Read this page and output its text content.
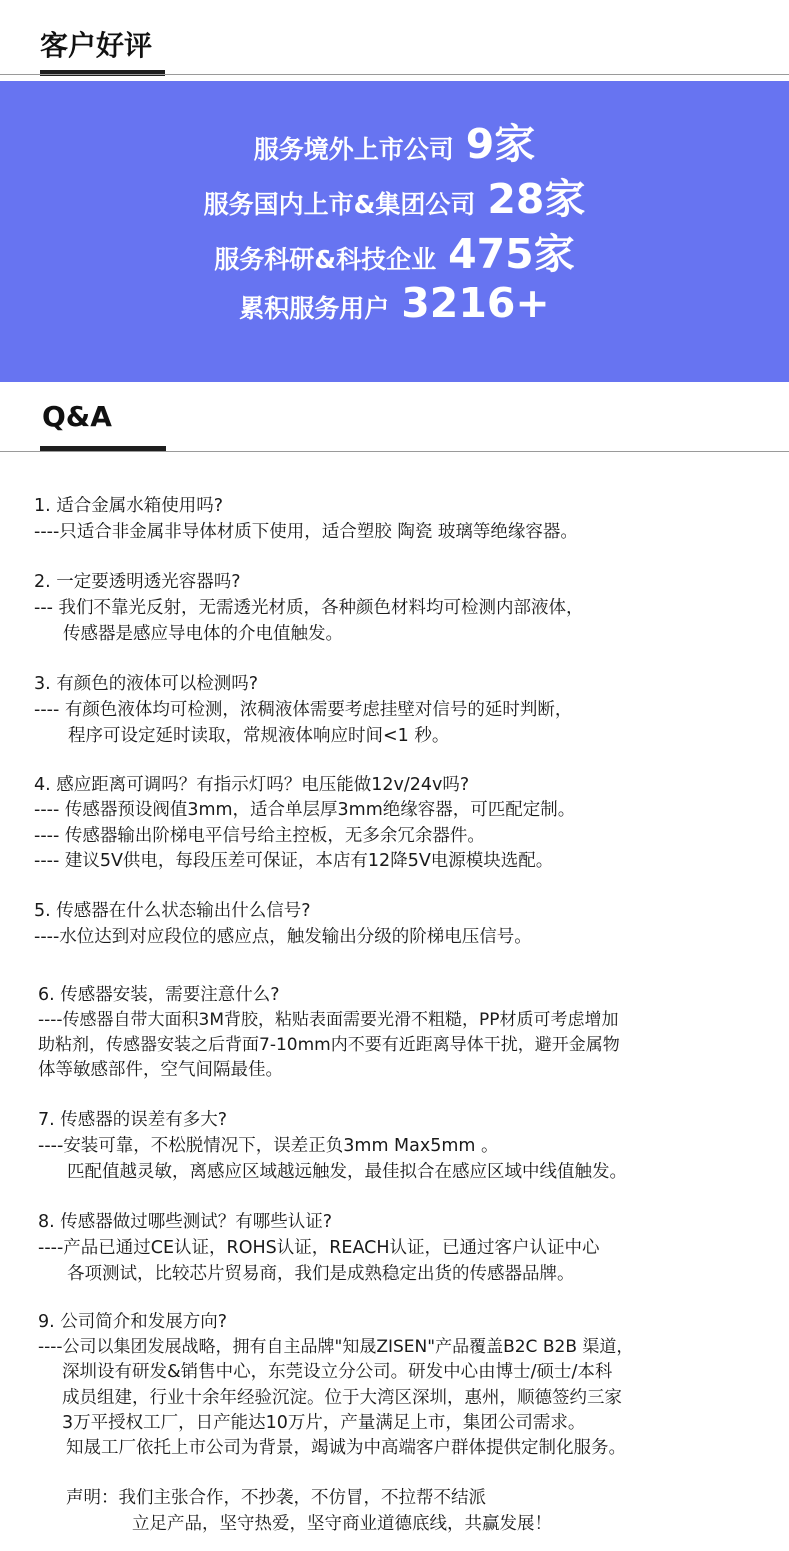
客户好评
服务境外上市公司 9家
服务国内上市&集团公司 28家
服务科研&科技企业 475家
累积服务用户 3216+
Q&A
1. 适合金属水箱使用吗?
----只适合非金属非导体材质下使用，适合塑胶 陶瓷 玻璃等绝缘容器。
2. 一定要透明透光容器吗?
--- 我们不靠光反射，无需透光材质，各种颜色材料均可检测内部液体，
传感器是感应导电体的介电值触发。
3. 有颜色的液体可以检测吗?
---- 有颜色液体均可检测，浓稠液体需要考虑挂壁对信号的延时判断，
程序可设定延时读取，常规液体响应时间<1 秒。
4. 感应距离可调吗？有指示灯吗？电压能做12v/24v吗?
---- 传感器预设阀值3mm，适合单层厚3mm绝缘容器，可匹配定制。
---- 传感器输出阶梯电平信号给主控板，无多余冗余器件。
---- 建议5V供电，每段压差可保证，本店有12降5V电源模块选配。
5. 传感器在什么状态输出什么信号?
----水位达到对应段位的感应点，触发输出分级的阶梯电压信号。
6. 传感器安装，需要注意什么?
----传感器自带大面积3M背胶，粘贴表面需要光滑不粗糙，PP材质可考虑增加
助粘剂，传感器安装之后背面7-10mm内不要有近距离导体干扰，避开金属物
体等敏感部件，空气间隔最佳。
7. 传感器的误差有多大?
----安装可靠，不松脱情况下，误差正负3mm Max5mm 。
匹配值越灵敏，离感应区域越远触发，最佳拟合在感应区域中线值触发。
8. 传感器做过哪些测试？有哪些认证?
----产品已通过CE认证，ROHS认证，REACH认证，已通过客户认证中心
各项测试，比较芯片贸易商，我们是成熟稳定出货的传感器品牌。
9. 公司简介和发展方向?
----公司以集团发展战略，拥有自主品牌"知晟ZISEN"产品覆盖B2C B2B 渠道，
深圳设有研发&销售中心，东莞设立分公司。研发中心由博士/硕士/本科
成员组建，行业十余年经验沉淀。位于大湾区深圳，惠州，顺德签约三家
3万平授权工厂，日产能达10万片，产量满足上市，集团公司需求。
知晟工厂依托上市公司为背景，竭诚为中高端客户群体提供定制化服务。
声明：我们主张合作，不抄袭，不仿冒，不拉帮不结派
立足产品，坚守热爱，坚守商业道德底线，共赢发展！
